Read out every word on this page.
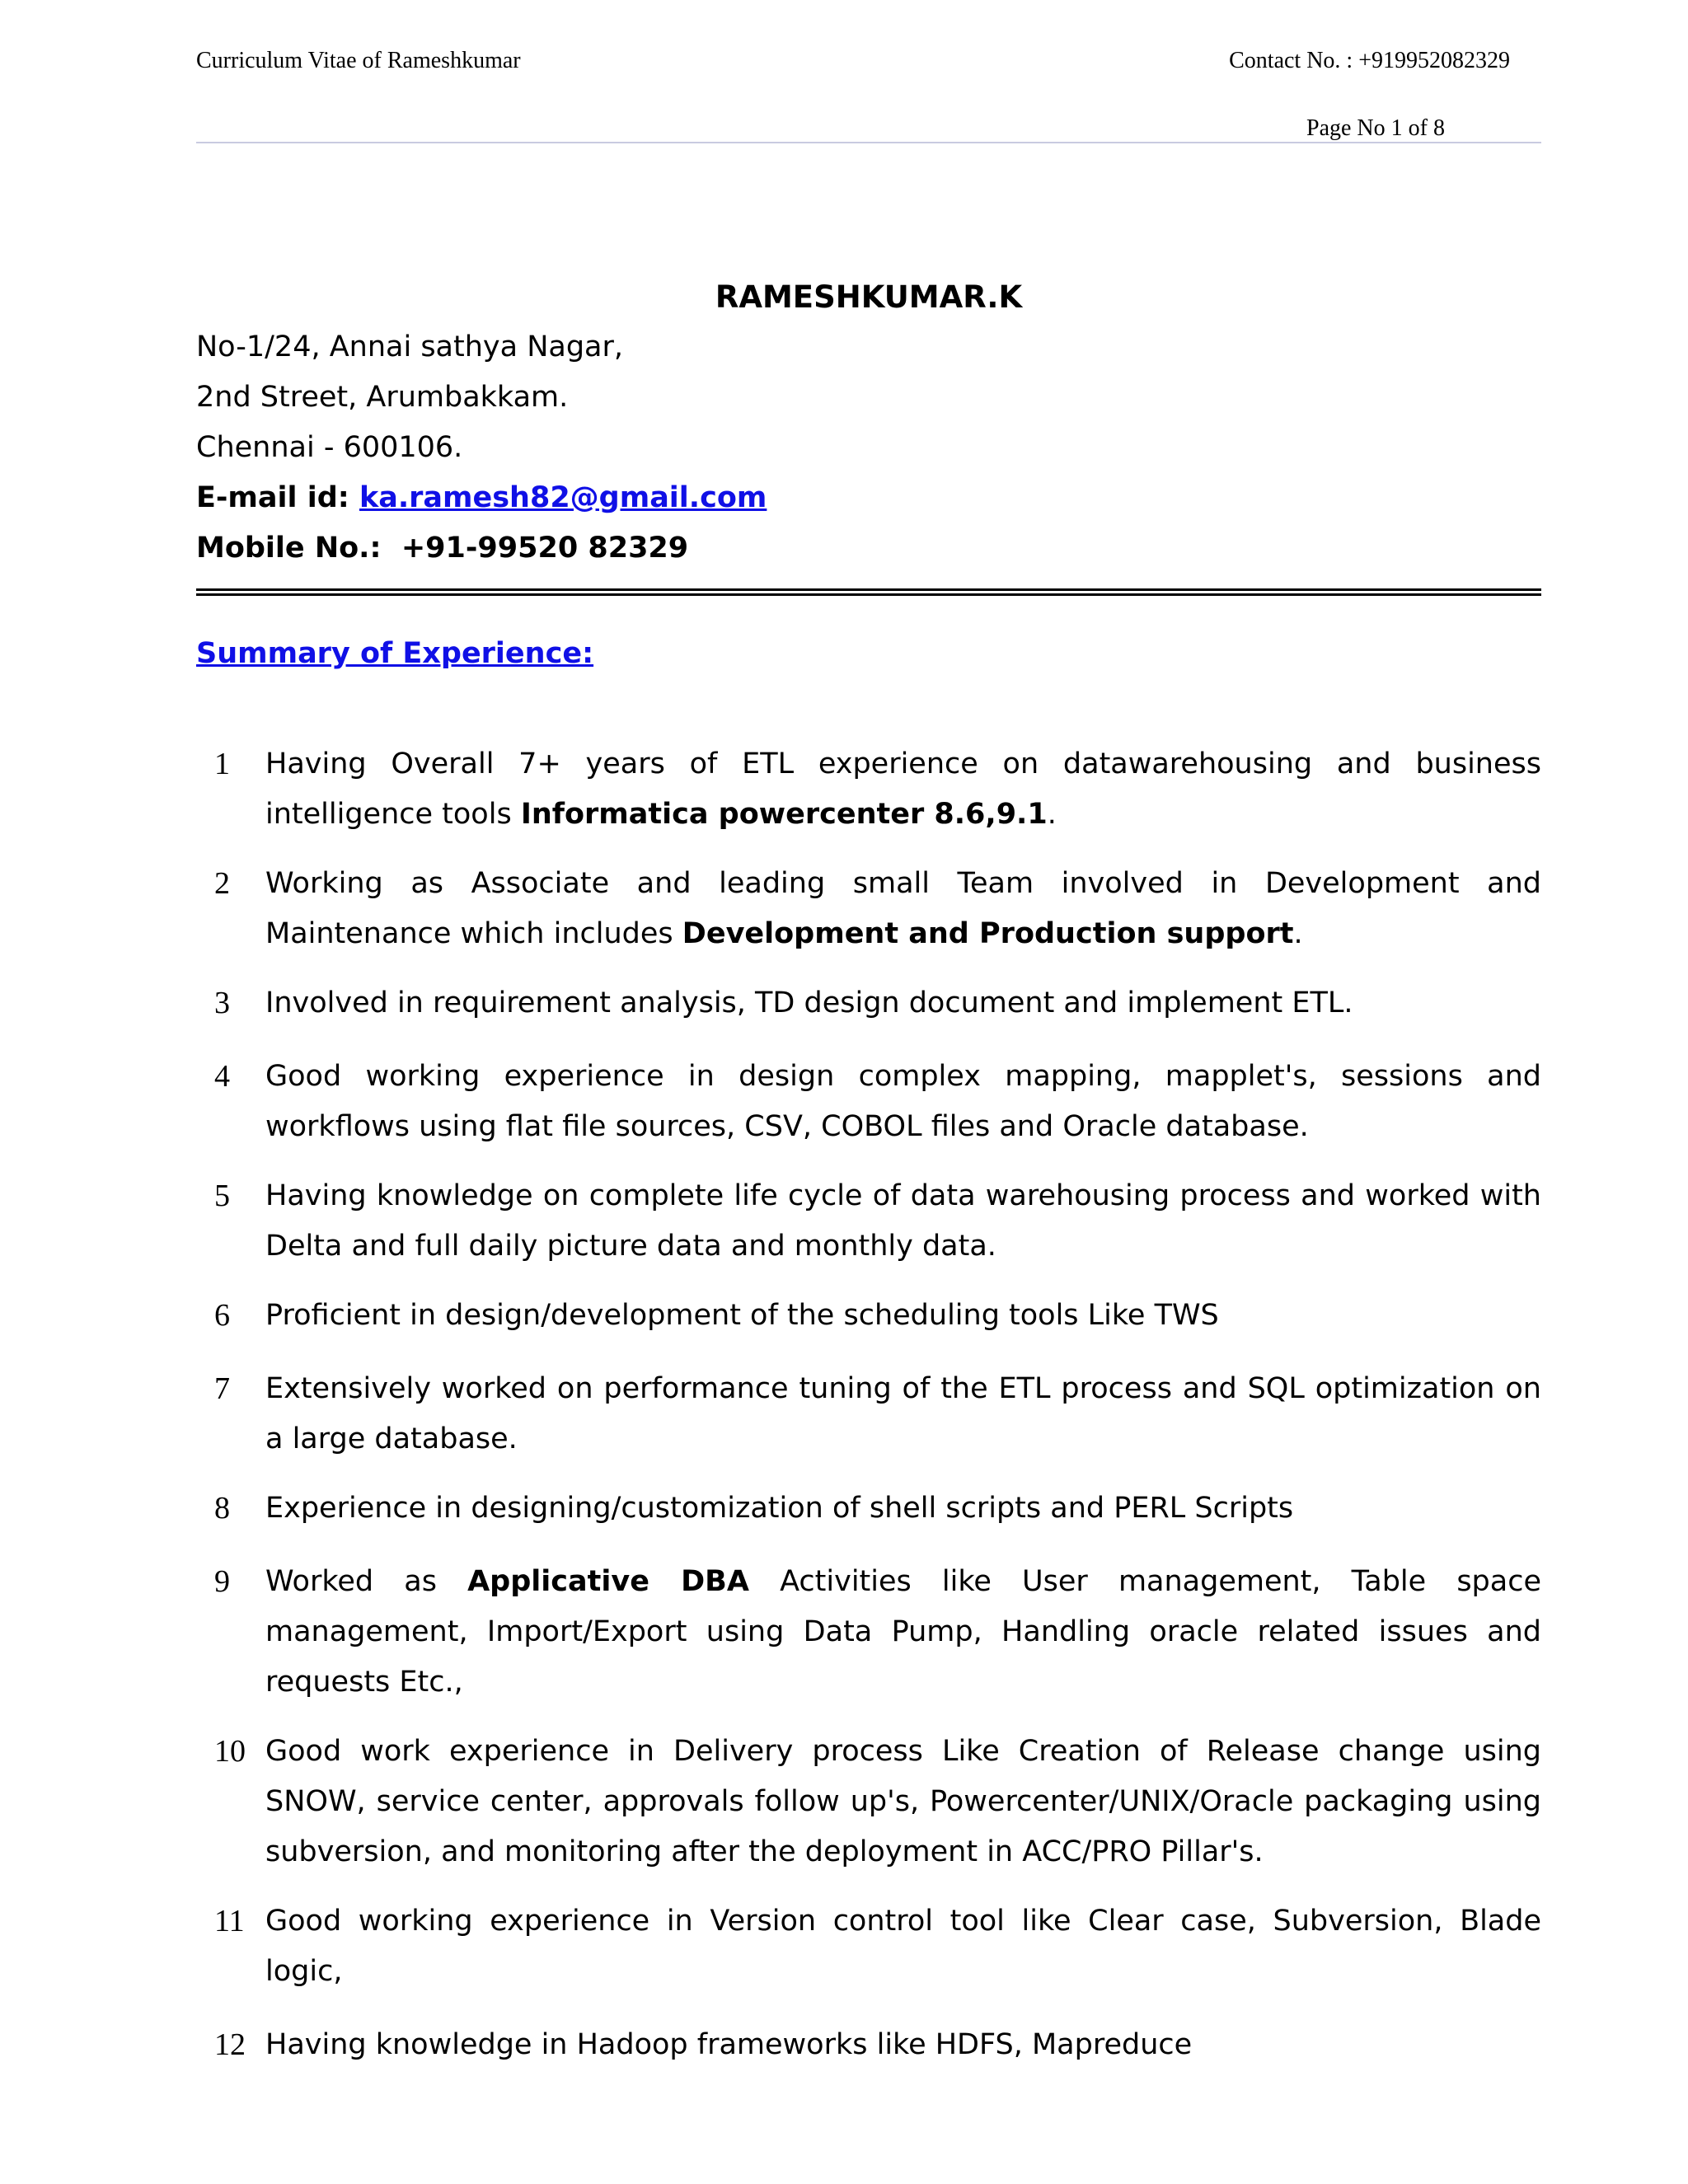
Curriculum Vitae of Rameshkumar	Contact No. : +919952082329
Page No 1 of 8

RAMESHKUMAR.K

No-1/24, Annai sathya Nagar,

2nd Street, Arumbakkam.

Chennai - 600106.

E-mail id: ka.ramesh82@gmail.com

Mobile No.: +91-99520 82329

Summary of Experience:
1	Having Overall 7+ years of ETL experience on datawarehousing and business intelligence tools Informatica powercenter 8.6,9.1.
2	Working as Associate and leading small Team involved in Development and Maintenance which includes Development and Production support.
3	Involved in requirement analysis, TD design document and implement ETL.
4	Good working experience in design complex mapping, mapplet's, sessions and workflows using flat file sources, CSV, COBOL files and Oracle database.
5	Having knowledge on complete life cycle of data warehousing process and worked with Delta and full daily picture data and monthly data.
6	Proficient in design/development of the scheduling tools Like TWS
7	Extensively worked on performance tuning of the ETL process and SQL optimization on a large database.
8	Experience in designing/customization of shell scripts and PERL Scripts
9	Worked as Applicative DBA Activities like User management, Table space management, Import/Export using Data Pump, Handling oracle related issues and requests Etc.,
10 Good work experience in Delivery process Like Creation of Release change using SNOW, service center, approvals follow up's, Powercenter/UNIX/Oracle packaging using subversion, and monitoring after the deployment in ACC/PRO Pillar's.
11 Good working experience in Version control tool like Clear case, Subversion, Blade logic,
12 Having knowledge in Hadoop frameworks like HDFS, Mapreduce
